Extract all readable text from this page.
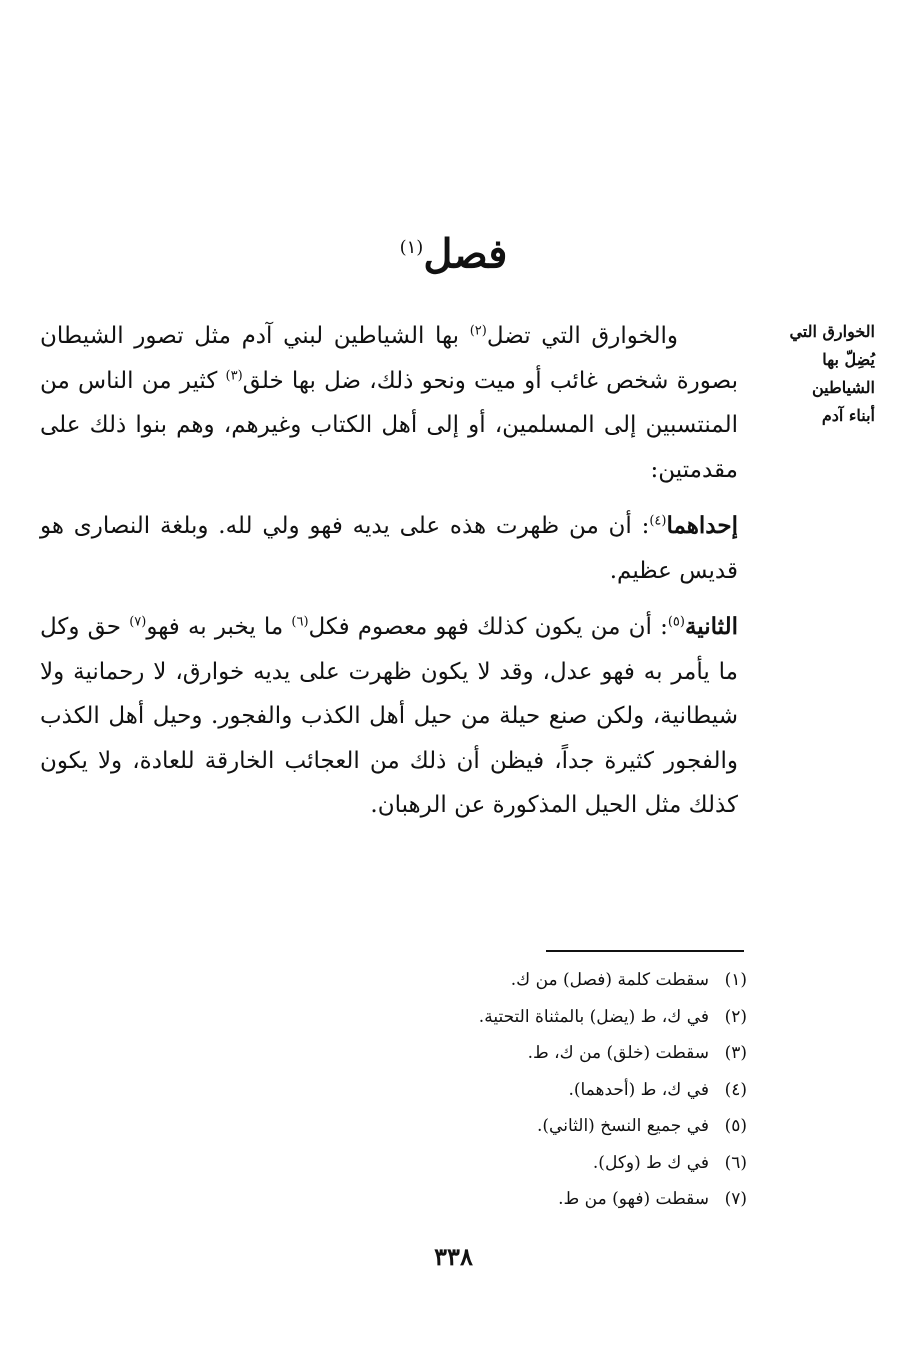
فصل$^{(١)}$
الخوارق التي
يُضِلّ بها
الشياطين
أبناء آدم

والخوارق التي تضل$^{(٢)}$ بها الشياطين لبني آدم مثل تصور الشيطان بصورة شخص غائب أو ميت ونحو ذلك، ضل بها خلق$^{(٣)}$ كثير من الناس من المنتسبين إلى المسلمين، أو إلى أهل الكتاب وغيرهم، وهم بنوا ذلك على مقدمتين:

إحداهما$^{(٤)}$: أن من ظهرت هذه على يديه فهو ولي لله. وبلغة النصارى هو قديس عظيم.

الثانية$^{(٥)}$: أن من يكون كذلك فهو معصوم فكل$^{(٦)}$ ما يخبر به فهو$^{(٧)}$ حق وكل ما يأمر به فهو عدل، وقد لا يكون ظهرت على يديه خوارق، لا رحمانية ولا شيطانية، ولكن صنع حيلة من حيل أهل الكذب والفجور. وحيل أهل الكذب والفجور كثيرة جداً، فيظن أن ذلك من العجائب الخارقة للعادة، ولا يكون كذلك مثل الحيل المذكورة عن الرهبان.

(١)سقطت كلمة (فصل) من ك.
(٢)في ك، ط (يضل) بالمثناة التحتية.
(٣)سقطت (خلق) من ك، ط.
(٤)في ك، ط (أحدهما).
(٥)في جميع النسخ (الثاني).
(٦)في ك ط (وكل).
(٧)سقطت (فهو) من ط.
٣٣٨
